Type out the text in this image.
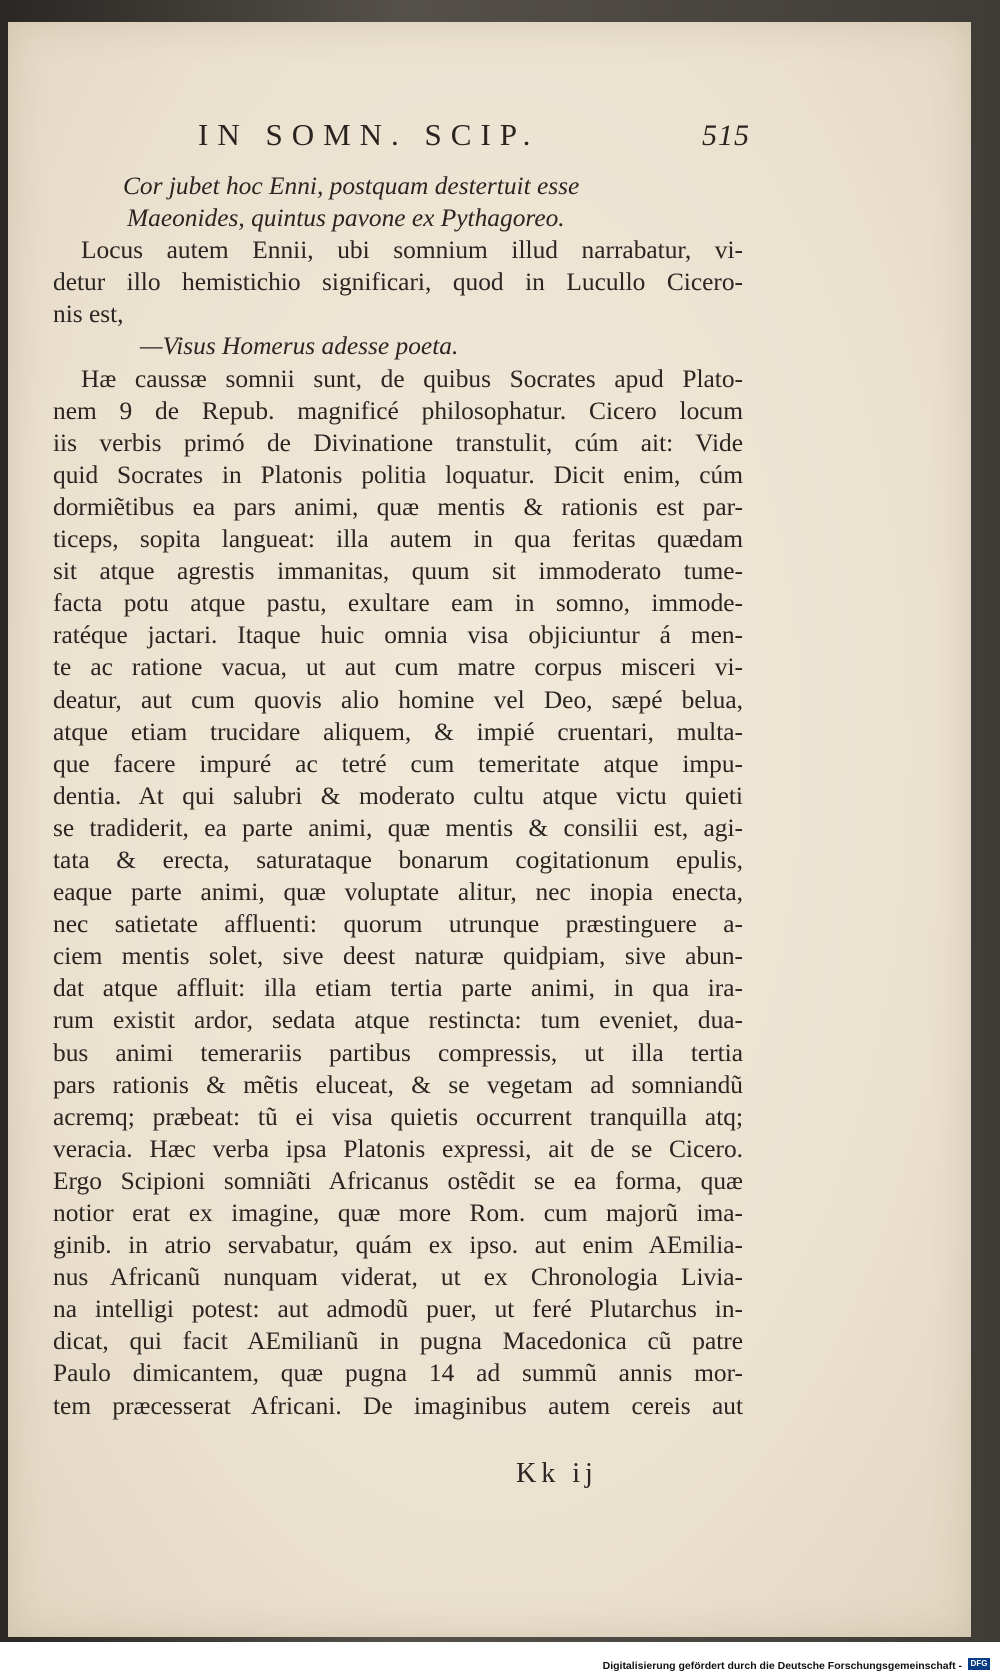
IN SOMN. SCIP.	515
Cor jubet hoc Enni, postquam destertuit esse
Maeonides, quintus pavone ex Pythagoreo.
Locus autem Ennii, ubi somnium illud narrabatur, vi-
detur illo hemistichio significari, quod in Lucullo Cicero-
nis est,
—Visus Homerus adesse poeta.
Hæ caussæ somnii sunt, de quibus Socrates apud Plato-
nem 9 de Repub. magnificé philosophatur. Cicero locum
iis verbis primó de Divinatione transtulit, cúm ait: Vide
quid Socrates in Platonis politia loquatur. Dicit enim, cúm
dormiẽtibus ea pars animi, quæ mentis & rationis est par-
ticeps, sopita langueat: illa autem in qua feritas quædam
sit atque agrestis immanitas, quum sit immoderato tume-
facta potu atque pastu, exultare eam in somno, immode-
ratéque jactari. Itaque huic omnia visa objiciuntur á men-
te ac ratione vacua, ut aut cum matre corpus misceri vi-
deatur, aut cum quovis alio homine vel Deo, sæpé belua,
atque etiam trucidare aliquem, & impié cruentari, multa-
que facere impuré ac tetré cum temeritate atque impu-
dentia. At qui salubri & moderato cultu atque victu quieti
se tradiderit, ea parte animi, quæ mentis & consilii est, agi-
tata & erecta, saturataque bonarum cogitationum epulis,
eaque parte animi, quæ voluptate alitur, nec inopia enecta,
nec satietate affluenti: quorum utrunque præstinguere a-
ciem mentis solet, sive deest naturæ quidpiam, sive abun-
dat atque affluit: illa etiam tertia parte animi, in qua ira-
rum existit ardor, sedata atque restincta: tum eveniet, dua-
bus animi temerariis partibus compressis, ut illa tertia
pars rationis & mẽtis eluceat, & se vegetam ad somniandũ
acremq; præbeat: tũ ei visa quietis occurrent tranquilla atq;
veracia. Hæc verba ipsa Platonis expressi, ait de se Cicero.
Ergo Scipioni somniãti Africanus ostẽdit se ea forma, quæ
notior erat ex imagine, quæ more Rom. cum majorũ ima-
ginib. in atrio servabatur, quám ex ipso. aut enim AEmilia-
nus Africanũ nunquam viderat, ut ex Chronologia Livia-
na intelligi potest: aut admodũ puer, ut feré Plutarchus in-
dicat, qui facit AEmilianũ in pugna Macedonica cũ patre
Paulo dimicantem, quæ pugna 14 ad summũ annis mor-
tem præcesserat Africani. De imaginibus autem cereis aut
Kk ij
Digitalisierung gefördert durch die Deutsche Forschungsgemeinschaft -	DFG
